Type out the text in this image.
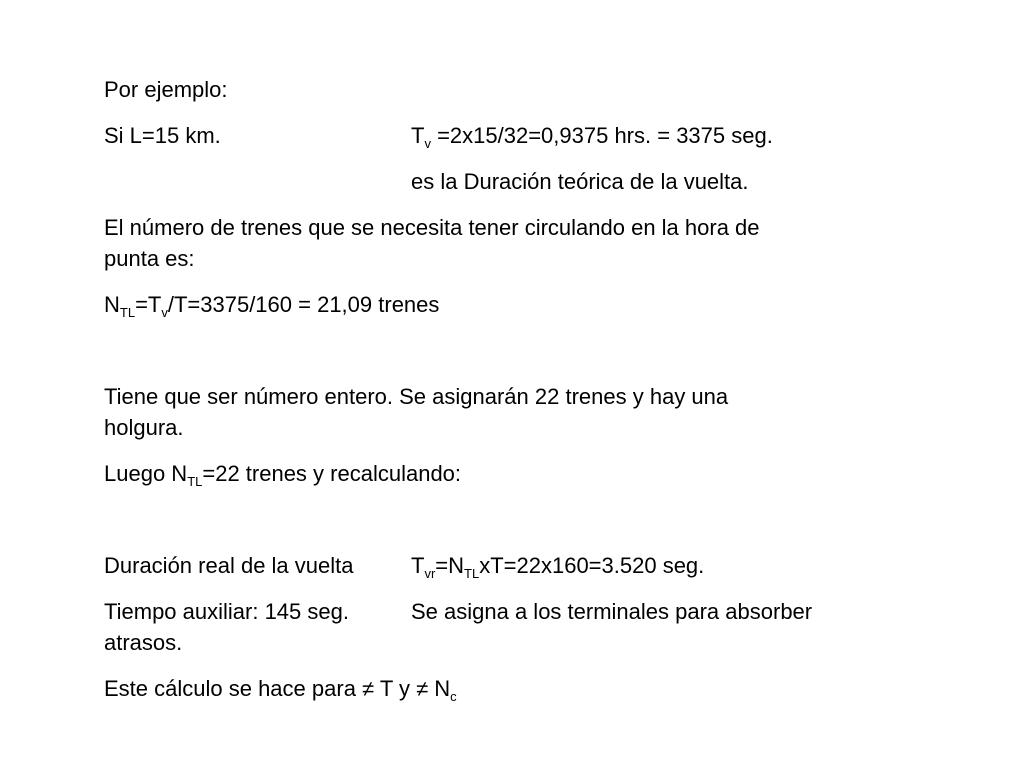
Por ejemplo:
Si L=15 km.	$T_v =2x15/32=0,9375$ hrs. = 3375 seg.
es la Duración teórica de la vuelta.
El número de trenes que se necesita tener circulando en la hora de
punta es:
$N_{TL}=T_v/T=3375/160 = 21,09$ trenes
Tiene que ser número entero. Se asignarán 22 trenes y hay una
holgura.
Luego $N_{TL}=22$ trenes y recalculando:
Duración real de la vuelta	$T_{vr}=N_{TL}xT=22x160=3.520$ seg.
Tiempo auxiliar: 145 seg.	Se asigna a los terminales para absorber
atrasos.
Este cálculo se hace para ≠ T $y \ne N_c$
